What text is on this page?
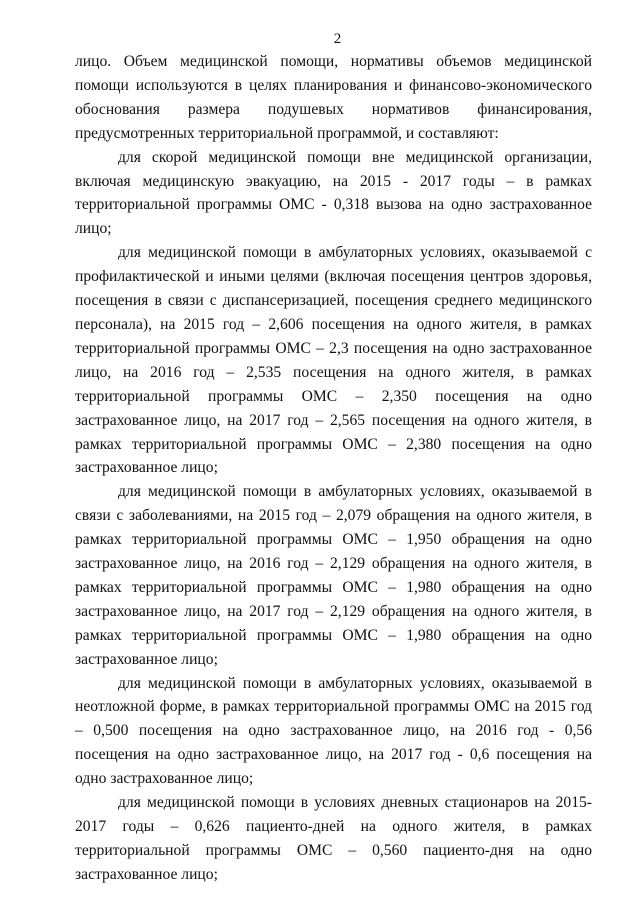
2

лицо. Объем медицинской помощи, нормативы объемов медицинской помощи используются в целях планирования и финансово-экономического обоснования размера подушевых нормативов финансирования, предусмотренных территориальной программой, и составляют:

для скорой медицинской помощи вне медицинской организации, включая медицинскую эвакуацию, на 2015 - 2017 годы – в рамках территориальной программы ОМС - 0,318 вызова на одно застрахованное лицо;

для медицинской помощи в амбулаторных условиях, оказываемой с профилактической и иными целями (включая посещения центров здоровья, посещения в связи с диспансеризацией, посещения среднего медицинского персонала), на 2015 год – 2,606 посещения на одного жителя, в рамках территориальной программы ОМС – 2,3 посещения на одно застрахованное лицо, на 2016 год – 2,535 посещения на одного жителя, в рамках территориальной программы ОМС – 2,350 посещения на одно застрахованное лицо, на 2017 год – 2,565 посещения на одного жителя, в рамках территориальной программы ОМС – 2,380 посещения на одно застрахованное лицо;

для медицинской помощи в амбулаторных условиях, оказываемой в связи с заболеваниями, на 2015 год – 2,079 обращения на одного жителя, в рамках территориальной программы ОМС – 1,950 обращения на одно застрахованное лицо, на 2016 год – 2,129 обращения на одного жителя, в рамках территориальной программы ОМС – 1,980 обращения на одно застрахованное лицо, на 2017 год – 2,129 обращения на одного жителя, в рамках территориальной программы ОМС – 1,980 обращения на одно застрахованное лицо;

для медицинской помощи в амбулаторных условиях, оказываемой в неотложной форме, в рамках территориальной программы ОМС на 2015 год – 0,500 посещения на одно застрахованное лицо, на 2016 год - 0,56 посещения на одно застрахованное лицо, на 2017 год - 0,6 посещения на одно застрахованное лицо;

для медицинской помощи в условиях дневных стационаров на 2015-2017 годы – 0,626 пациенто-дней на одного жителя, в рамках территориальной программы ОМС – 0,560 пациенто-дня на одно застрахованное лицо;
